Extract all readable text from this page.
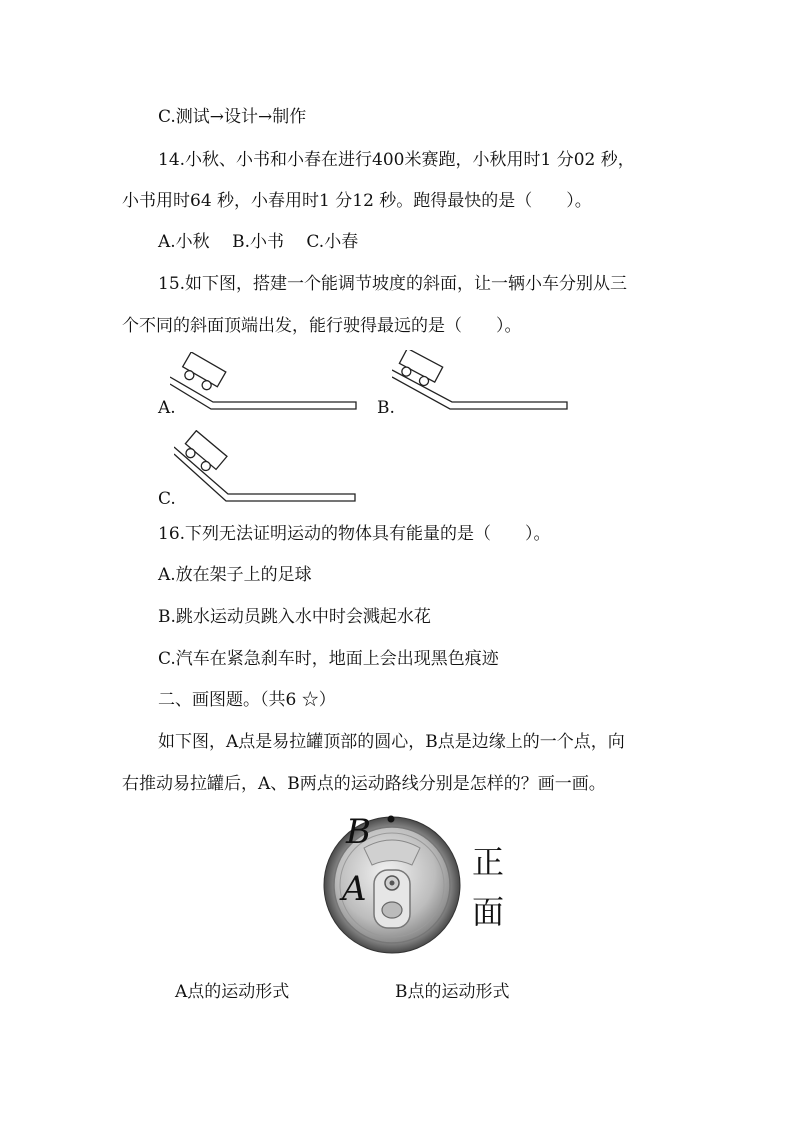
C.测试→设计→制作
14.小秋、小书和小春在进行400米赛跑，小秋用时1 分02 秒，
小书用时64 秒，小春用时1 分12 秒。跑得最快的是（　　）。
A.小秋　 B.小书　 C.小春
15.如下图，搭建一个能调节坡度的斜面，让一辆小车分别从三
个不同的斜面顶端出发，能行驶得最远的是（　　）。
A.	B.
C.
16.下列无法证明运动的物体具有能量的是（　　）。
A.放在架子上的足球
B.跳水运动员跳入水中时会溅起水花
C.汽车在紧急刹车时，地面上会出现黑色痕迹
二、画图题。（共6 ☆）
如下图，A点是易拉罐顶部的圆心，B点是边缘上的一个点，向
右推动易拉罐后，A、B两点的运动路线分别是怎样的？画一画。
B
A
正
面
A点的运动形式	B点的运动形式
